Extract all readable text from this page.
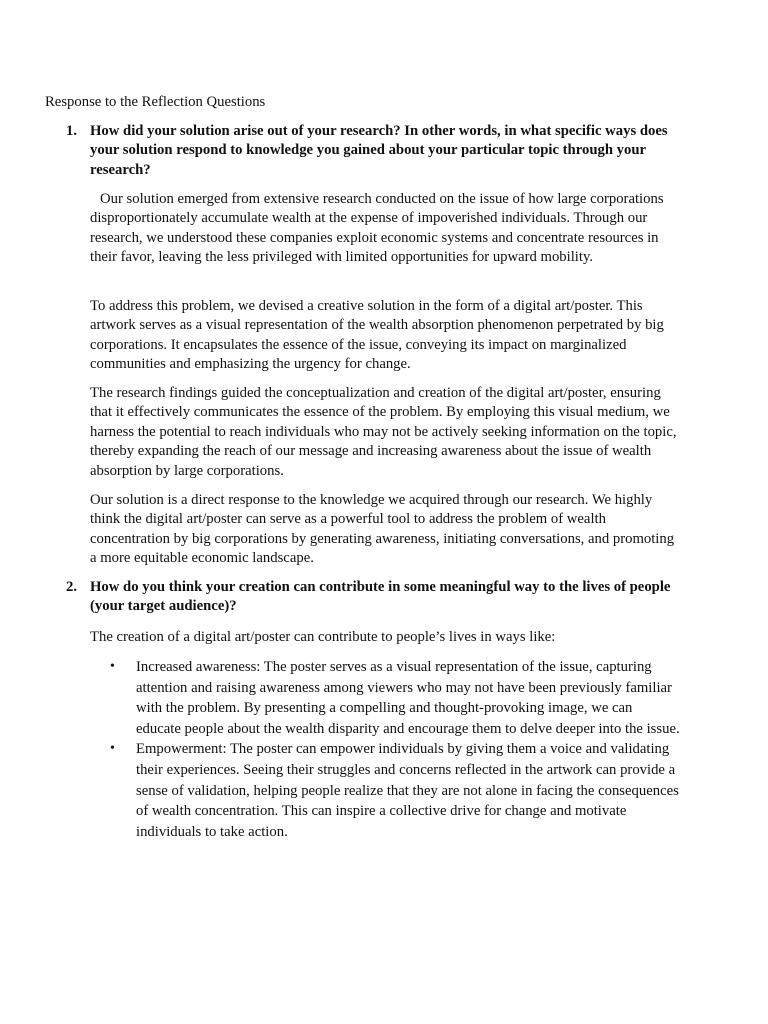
Response to the Reflection Questions
1. How did your solution arise out of your research? In other words, in what specific ways does your solution respond to knowledge you gained about your particular topic through your research?

Our solution emerged from extensive research conducted on the issue of how large corporations disproportionately accumulate wealth at the expense of impoverished individuals. Through our research, we understood these companies exploit economic systems and concentrate resources in their favor, leaving the less privileged with limited opportunities for upward mobility.

To address this problem, we devised a creative solution in the form of a digital art/poster. This artwork serves as a visual representation of the wealth absorption phenomenon perpetrated by big corporations. It encapsulates the essence of the issue, conveying its impact on marginalized communities and emphasizing the urgency for change.

The research findings guided the conceptualization and creation of the digital art/poster, ensuring that it effectively communicates the essence of the problem. By employing this visual medium, we harness the potential to reach individuals who may not be actively seeking information on the topic, thereby expanding the reach of our message and increasing awareness about the issue of wealth absorption by large corporations.

Our solution is a direct response to the knowledge we acquired through our research. We highly think the digital art/poster can serve as a powerful tool to address the problem of wealth concentration by big corporations by generating awareness, initiating conversations, and promoting a more equitable economic landscape.

2. How do you think your creation can contribute in some meaningful way to the lives of people (your target audience)?

The creation of a digital art/poster can contribute to people’s lives in ways like:

• Increased awareness: The poster serves as a visual representation of the issue, capturing attention and raising awareness among viewers who may not have been previously familiar with the problem. By presenting a compelling and thought-provoking image, we can educate people about the wealth disparity and encourage them to delve deeper into the issue.
• Empowerment: The poster can empower individuals by giving them a voice and validating their experiences. Seeing their struggles and concerns reflected in the artwork can provide a sense of validation, helping people realize that they are not alone in facing the consequences of wealth concentration. This can inspire a collective drive for change and motivate individuals to take action.
